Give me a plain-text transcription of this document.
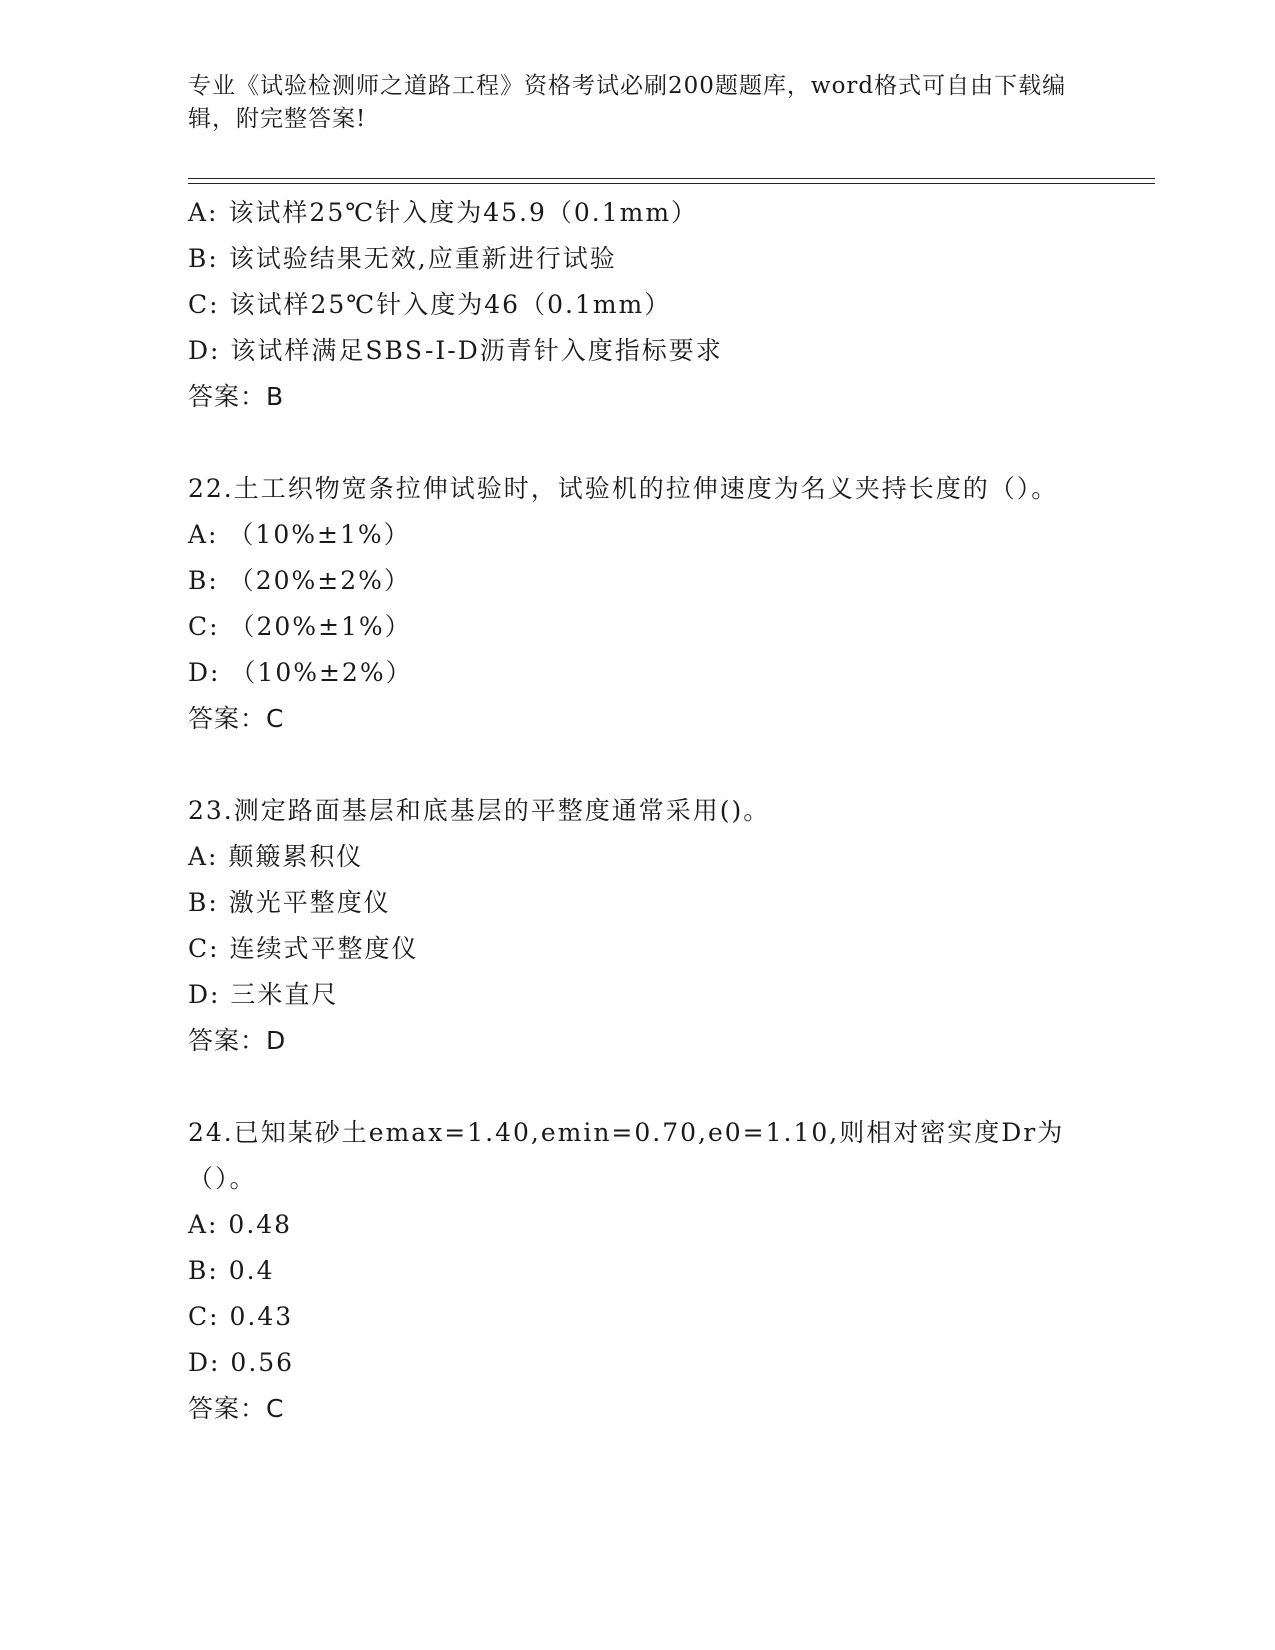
专业《试验检测师之道路工程》资格考试必刷200题题库，word格式可自由下载编辑，附完整答案!
A: 该试样25℃针入度为45.9（0.1mm）
B: 该试验结果无效,应重新进行试验
C: 该试样25℃针入度为46（0.1mm）
D: 该试样满足SBS-Ⅰ-D沥青针入度指标要求
答案：B
22.土工织物宽条拉伸试验时，试验机的拉伸速度为名义夹持长度的（）。
A: （10%±1%）
B: （20%±2%）
C: （20%±1%）
D: （10%±2%）
答案：C
23.测定路面基层和底基层的平整度通常采用()。
A: 颠簸累积仪
B: 激光平整度仪
C: 连续式平整度仪
D: 三米直尺
答案：D
24.已知某砂土emax=1.40,emin=0.70,e0=1.10,则相对密实度Dr为（）。
A: 0.48
B: 0.4
C: 0.43
D: 0.56
答案：C
